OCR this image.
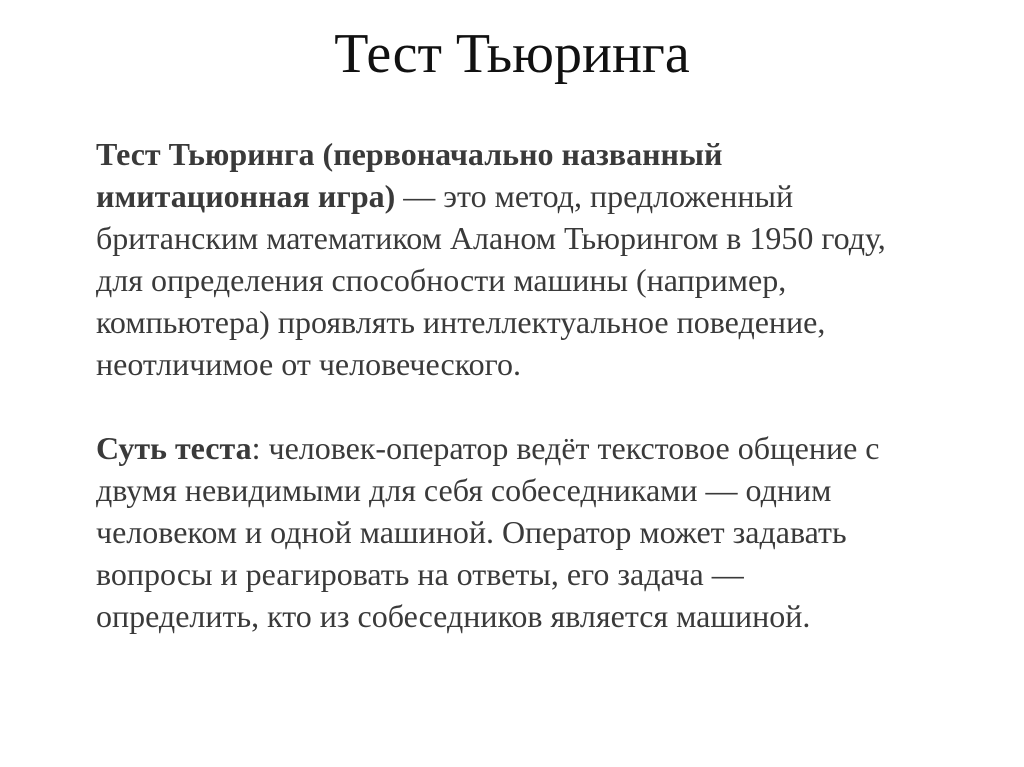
Тест Тьюринга

Тест Тьюринга (первоначально названный
имитационная игра) — это метод, предложенный
британским математиком Аланом Тьюрингом в 1950 году,
для определения способности машины (например,
компьютера) проявлять интеллектуальное поведение,
неотличимое от человеческого.

Суть теста: человек-оператор ведёт текстовое общение с
двумя невидимыми для себя собеседниками — одним
человеком и одной машиной. Оператор может задавать
вопросы и реагировать на ответы, его задача —
определить, кто из собеседников является машиной.
